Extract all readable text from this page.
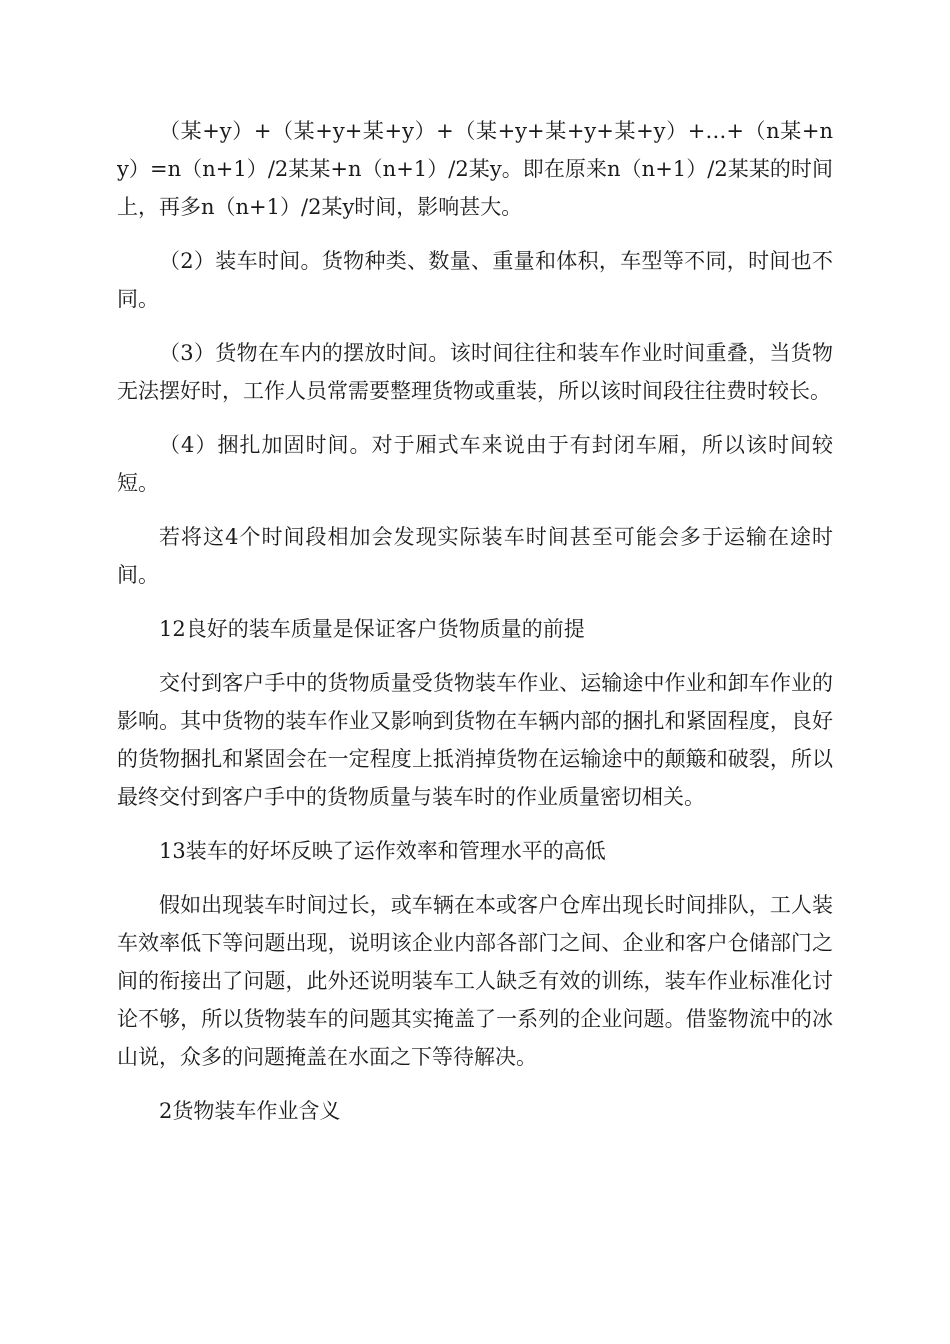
（某+y）+（某+y+某+y）+（某+y+某+y+某+y）+…+（n某+ny）=n（n+1）/2某某+n（n+1）/2某y。即在原来n（n+1）/2某某的时间上，再多n（n+1）/2某y时间，影响甚大。

（2）装车时间。货物种类、数量、重量和体积，车型等不同，时间也不同。

（3）货物在车内的摆放时间。该时间往往和装车作业时间重叠，当货物无法摆好时，工作人员常需要整理货物或重装，所以该时间段往往费时较长。

（4）捆扎加固时间。对于厢式车来说由于有封闭车厢，所以该时间较短。

若将这4个时间段相加会发现实际装车时间甚至可能会多于运输在途时间。

12良好的装车质量是保证客户货物质量的前提

交付到客户手中的货物质量受货物装车作业、运输途中作业和卸车作业的影响。其中货物的装车作业又影响到货物在车辆内部的捆扎和紧固程度，良好的货物捆扎和紧固会在一定程度上抵消掉货物在运输途中的颠簸和破裂，所以最终交付到客户手中的货物质量与装车时的作业质量密切相关。

13装车的好坏反映了运作效率和管理水平的高低

假如出现装车时间过长，或车辆在本或客户仓库出现长时间排队，工人装车效率低下等问题出现，说明该企业内部各部门之间、企业和客户仓储部门之间的衔接出了问题，此外还说明装车工人缺乏有效的训练，装车作业标准化讨论不够，所以货物装车的问题其实掩盖了一系列的企业问题。借鉴物流中的冰山说，众多的问题掩盖在水面之下等待解决。

2货物装车作业含义
